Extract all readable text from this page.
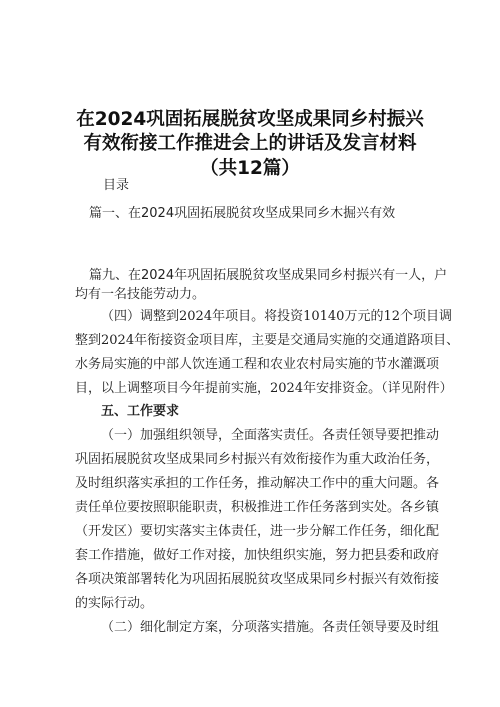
在2024巩固拓展脱贫攻坚成果同乡村振兴
有效衔接工作推进会上的讲话及发言材料
（共12篇）
目录
篇一、在2024巩固拓展脱贫攻坚成果同乡木掘兴有效
篇九、在2024年巩固拓展脱贫攻坚成果同乡村振兴有一人，户
均有一名技能劳动力。
（四）调整到2024年项目。将投资10140万元的12个项目调
整到2024年衔接资金项目库，主要是交通局实施的交通道路项目、
水务局实施的中部人饮连通工程和农业农村局实施的节水灌溉项
目，以上调整项目今年提前实施，2024年安排资金。（详见附件）
五、工作要求
（一）加强组织领导，全面落实责任。各责任领导要把推动
巩固拓展脱贫攻坚成果同乡村振兴有效衔接作为重大政治任务，
及时组织落实承担的工作任务，推动解决工作中的重大问题。各
责任单位要按照职能职责，积极推进工作任务落到实处。各乡镇
（开发区）要切实落实主体责任，进一步分解工作任务，细化配
套工作措施，做好工作对接，加快组织实施，努力把县委和政府
各项决策部署转化为巩固拓展脱贫攻坚成果同乡村振兴有效衔接
的实际行动。
（二）细化制定方案，分项落实措施。各责任领导要及时组
